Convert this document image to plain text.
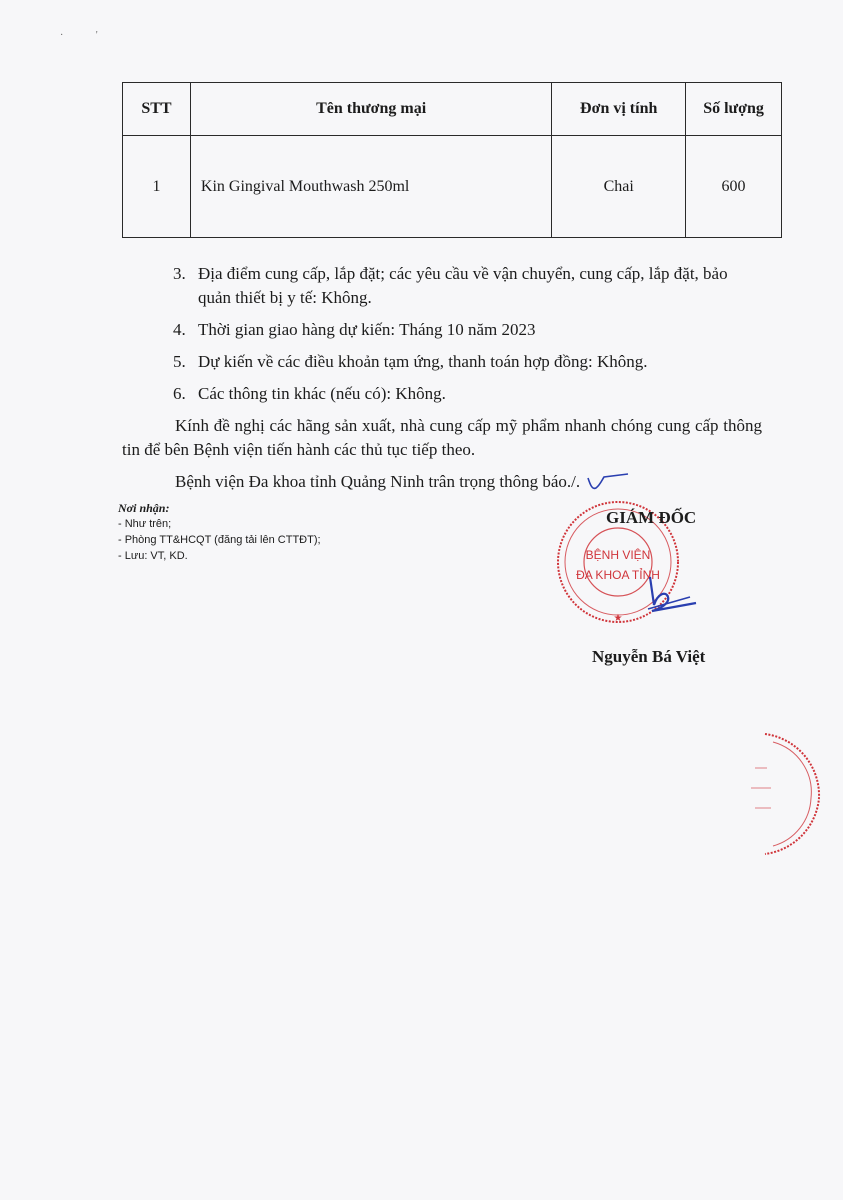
·             '
STT	Tên thương mại	Đơn vị tính	Số lượng
1	Kin Gingival Mouthwash 250ml	Chai	600
3. Địa điểm cung cấp, lắp đặt; các yêu cầu về vận chuyển, cung cấp, lắp đặt, bảo quản thiết bị y tế: Không.
4. Thời gian giao hàng dự kiến: Tháng 10 năm 2023
5. Dự kiến về các điều khoản tạm ứng, thanh toán hợp đồng: Không.
6. Các thông tin khác (nếu có): Không.
Kính đề nghị các hãng sản xuất, nhà cung cấp mỹ phẩm nhanh chóng cung cấp thông tin để bên Bệnh viện tiến hành các thủ tục tiếp theo.
Bệnh viện Đa khoa tỉnh Quảng Ninh trân trọng thông báo./.
Nơi nhận:
- Như trên;
- Phòng TT&HCQT (đăng tải lên CTTĐT);
- Lưu: VT, KD.	BỆNH VIỆN
ĐA KHOA TỈNH
★
GIÁM ĐỐC
Nguyễn Bá Việt
